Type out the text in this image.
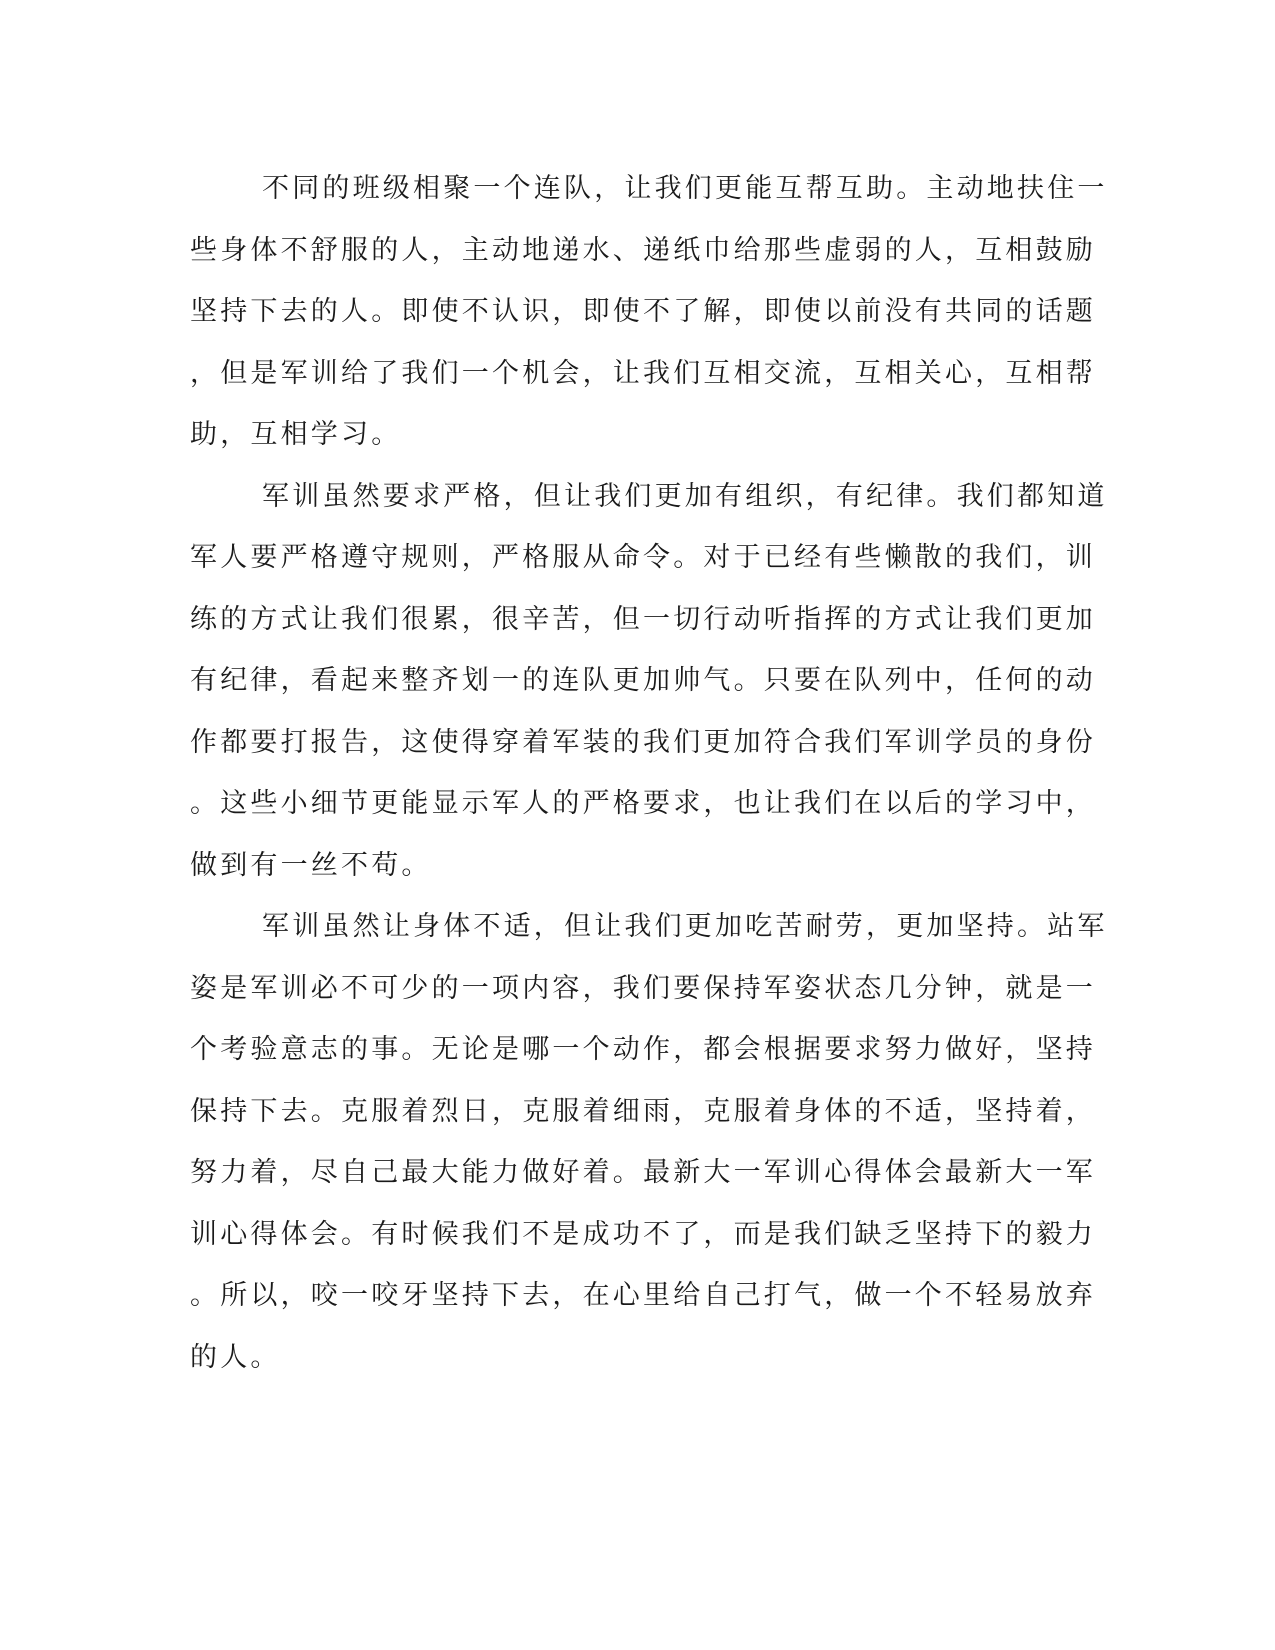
不同的班级相聚一个连队，让我们更能互帮互助。主动地扶住一
些身体不舒服的人，主动地递水、递纸巾给那些虚弱的人，互相鼓励
坚持下去的人。即使不认识，即使不了解，即使以前没有共同的话题
，但是军训给了我们一个机会，让我们互相交流，互相关心，互相帮
助，互相学习。
军训虽然要求严格，但让我们更加有组织，有纪律。我们都知道
军人要严格遵守规则，严格服从命令。对于已经有些懒散的我们，训
练的方式让我们很累，很辛苦，但一切行动听指挥的方式让我们更加
有纪律，看起来整齐划一的连队更加帅气。只要在队列中，任何的动
作都要打报告，这使得穿着军装的我们更加符合我们军训学员的身份
。这些小细节更能显示军人的严格要求，也让我们在以后的学习中，
做到有一丝不苟。
军训虽然让身体不适，但让我们更加吃苦耐劳，更加坚持。站军
姿是军训必不可少的一项内容，我们要保持军姿状态几分钟，就是一
个考验意志的事。无论是哪一个动作，都会根据要求努力做好，坚持
保持下去。克服着烈日，克服着细雨，克服着身体的不适，坚持着，
努力着，尽自己最大能力做好着。最新大一军训心得体会最新大一军
训心得体会。有时候我们不是成功不了，而是我们缺乏坚持下的毅力
。所以，咬一咬牙坚持下去，在心里给自己打气，做一个不轻易放弃
的人。
